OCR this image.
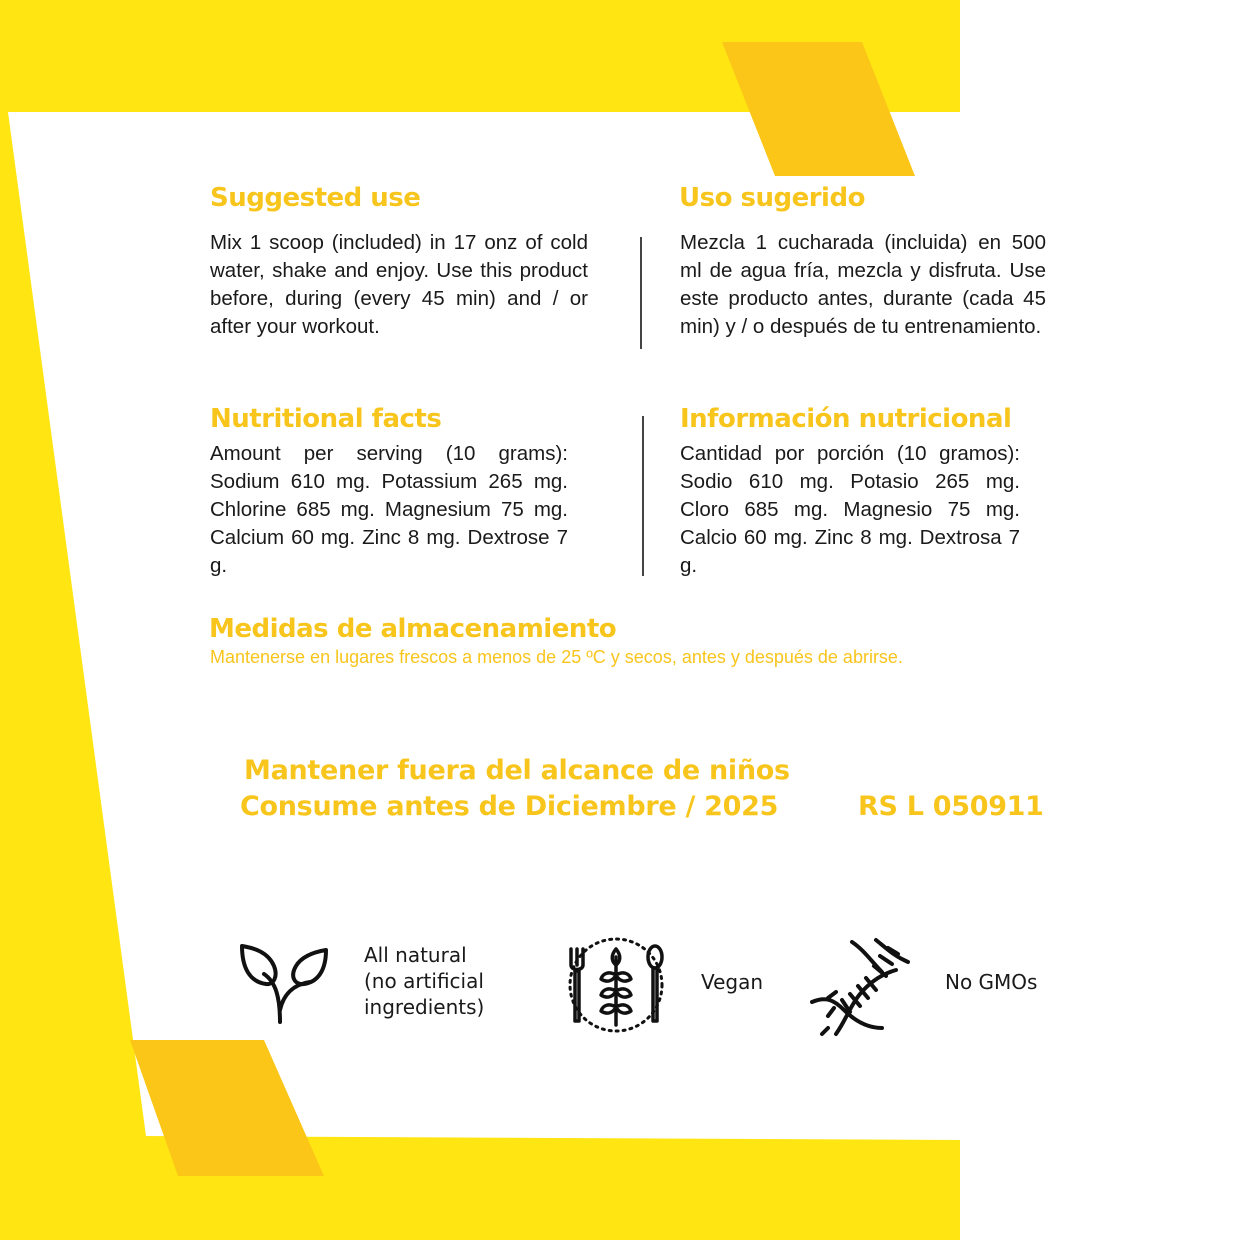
Suggested use

Mix 1 scoop (included) in 17 onz of cold water, shake and enjoy. Use this product before, during (every 45 min) and / or after your workout.

Uso sugerido

Mezcla 1 cucharada (incluida) en 500 ml de agua fría, mezcla y disfruta. Use este producto antes, durante (cada 45 min) y / o después de tu entrenamiento.

Nutritional facts

Amount per serving (10 grams): Sodium 610 mg. Potassium 265 mg. Chlorine 685 mg. Magnesium 75 mg. Calcium 60 mg. Zinc 8 mg. Dextrose 7 g.

Información nutricional

Cantidad por porción (10 gramos): Sodio 610 mg. Potasio 265 mg. Cloro 685 mg. Magnesio 75 mg. Calcio 60 mg. Zinc 8 mg. Dextrosa 7 g.

Medidas de almacenamiento
Mantenerse en lugares frescos a menos de 25 ºC y secos, antes y después de abrirse.
Mantener fuera del alcance de niños
Consume antes de Diciembre / 2025	RS L 050911
All natural
(no artificial
ingredients)
Vegan	No GMOs
